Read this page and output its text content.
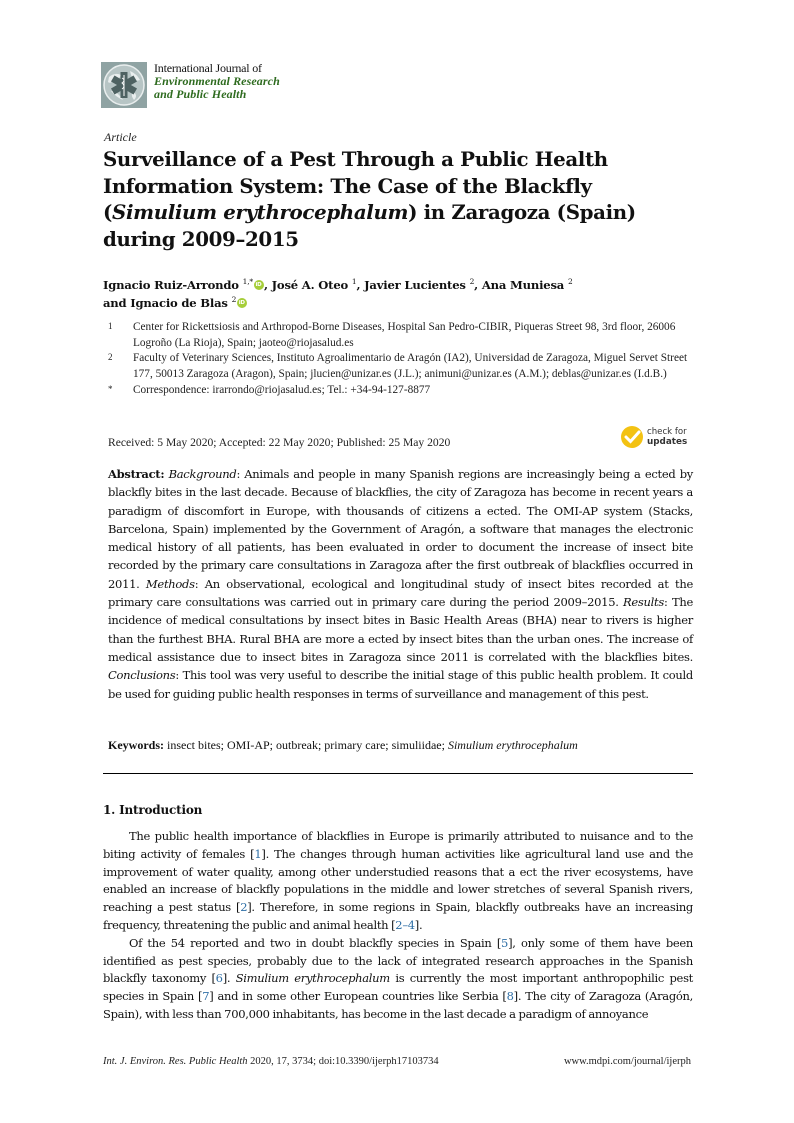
International Journal of
Environmental Research
and Public Health
Article
Surveillance of a Pest Through a Public Health Information System: The Case of the Blackfly (Simulium erythrocephalum) in Zaragoza (Spain) during 2009–2015
Ignacio Ruiz-Arrondo $^{1,*}$ iD , José A. Oteo $^1$, Javier Lucientes $^2$, Ana Muniesa $^2$
and Ignacio de Blas $^2$iD
1	Center for Rickettsiosis and Arthropod-Borne Diseases, Hospital San Pedro-CIBIR, Piqueras Street 98, 3rd floor, 26006 Logroño (La Rioja), Spain; jaoteo@riojasalud.es
2	Faculty of Veterinary Sciences, Instituto Agroalimentario de Aragón (IA2), Universidad de Zaragoza, Miguel Servet Street 177, 50013 Zaragoza (Aragon), Spain; jlucien@unizar.es (J.L.); animuni@unizar.es (A.M.); deblas@unizar.es (I.d.B.)
*	Correspondence: irarrondo@riojasalud.es; Tel.: +34-94-127-8877
Received: 5 May 2020; Accepted: 22 May 2020; Published: 25 May 2020
check for
updates
Abstract: Background: Animals and people in many Spanish regions are increasingly being a ected by blackfly bites in the last decade. Because of blackflies, the city of Zaragoza has become in recent years a paradigm of discomfort in Europe, with thousands of citizens a ected. The OMI-AP system (Stacks, Barcelona, Spain) implemented by the Government of Aragón, a software that manages the electronic medical history of all patients, has been evaluated in order to document the increase of insect bite recorded by the primary care consultations in Zaragoza after the first outbreak of blackflies occurred in 2011. Methods: An observational, ecological and longitudinal study of insect bites recorded at the primary care consultations was carried out in primary care during the period 2009–2015. Results: The incidence of medical consultations by insect bites in Basic Health Areas (BHA) near to rivers is higher than the furthest BHA. Rural BHA are more a ected by insect bites than the urban ones. The increase of medical assistance due to insect bites in Zaragoza since 2011 is correlated with the blackflies bites. Conclusions: This tool was very useful to describe the initial stage of this public health problem. It could be used for guiding public health responses in terms of surveillance and management of this pest.
Keywords: insect bites; OMI-AP; outbreak; primary care; simuliidae; Simulium erythrocephalum
1. Introduction

The public health importance of blackflies in Europe is primarily attributed to nuisance and to the biting activity of females [1]. The changes through human activities like agricultural land use and the improvement of water quality, among other understudied reasons that a ect the river ecosystems, have enabled an increase of blackfly populations in the middle and lower stretches of several Spanish rivers, reaching a pest status [2]. Therefore, in some regions in Spain, blackfly outbreaks have an increasing frequency, threatening the public and animal health [2–4].

Of the 54 reported and two in doubt blackfly species in Spain [5], only some of them have been identified as pest species, probably due to the lack of integrated research approaches in the Spanish blackfly taxonomy [6]. Simulium erythrocephalum is currently the most important anthropophilic pest species in Spain [7] and in some other European countries like Serbia [8]. The city of Zaragoza (Aragón, Spain), with less than 700,000 inhabitants, has become in the last decade a paradigm of annoyance

Int. J. Environ. Res. Public Health 2020, 17, 3734; doi:10.3390/ijerph17103734	www.mdpi.com/journal/ijerph
